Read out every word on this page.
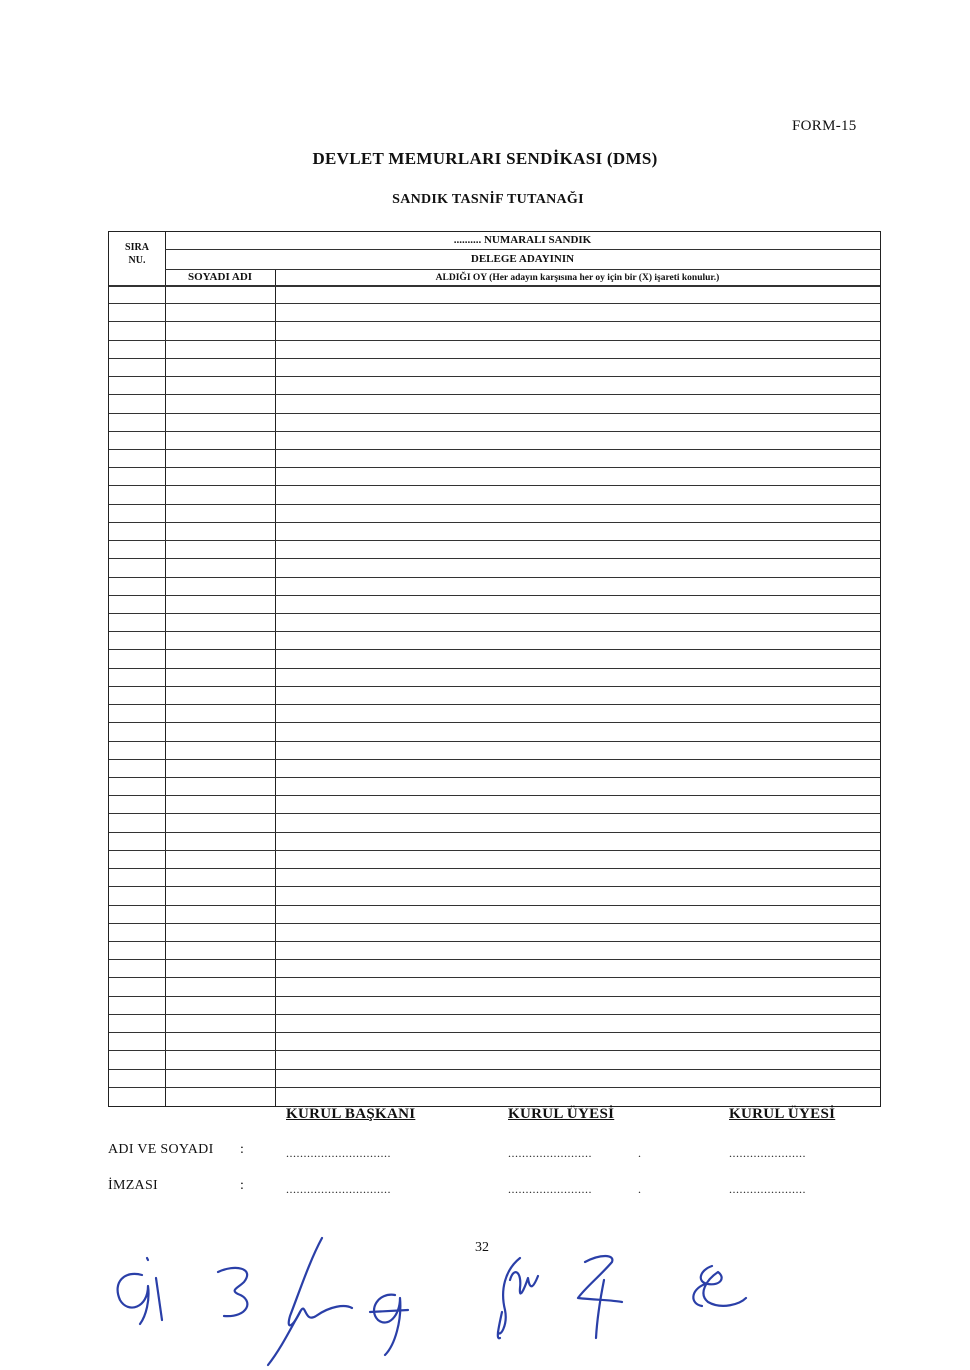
FORM-15
DEVLET MEMURLARI SENDİKASI (DMS)
SANDIK TASNİF TUTANAĞI
SIRA
NU.
.......... NUMARALI SANDIK
DELEGE ADAYININ
SOYADI ADI	ALDIĞI OY (Her adayın karşısına her oy için bir (X) işareti konulur.)
KURUL BAŞKANI	KURUL ÜYESİ	KURUL ÜYESİ
ADI VE SOYADI :	..............................	........................	.	......................
İMZASI	:	..............................	........................	.	......................
32
